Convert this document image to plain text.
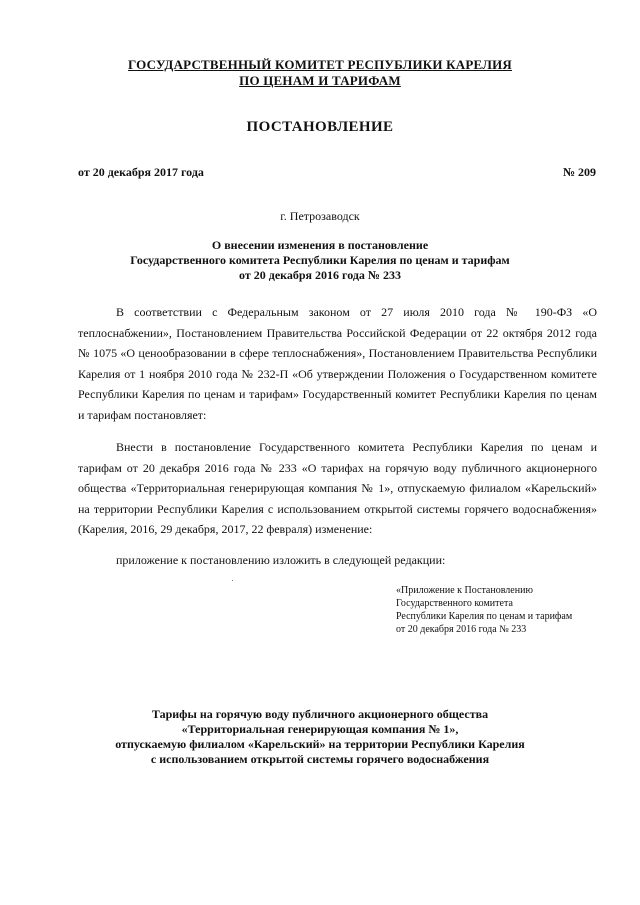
ГОСУДАРСТВЕННЫЙ КОМИТЕТ РЕСПУБЛИКИ КАРЕЛИЯ
ПО ЦЕНАМ И ТАРИФАМ
ПОСТАНОВЛЕНИЕ
от 20 декабря 2017 года	№ 209
г. Петрозаводск
О внесении изменения в постановление
Государственного комитета Республики Карелия по ценам и тарифам
от 20 декабря 2016 года № 233
В соответствии с Федеральным законом от 27 июля 2010 года № 190-ФЗ «О теплоснабжении», Постановлением Правительства Российской Федерации от 22 октября 2012 года № 1075 «О ценообразовании в сфере теплоснабжения», Постановлением Правительства Республики Карелия от 1 ноября 2010 года № 232-П «Об утверждении Положения о Государственном комитете Республики Карелия по ценам и тарифам» Государственный комитет Республики Карелия по ценам и тарифам постановляет:
Внести в постановление Государственного комитета Республики Карелия по ценам и тарифам от 20 декабря 2016 года № 233 «О тарифах на горячую воду публичного акционерного общества «Территориальная генерирующая компания № 1», отпускаемую филиалом «Карельский» на территории Республики Карелия с использованием открытой системы горячего водоснабжения» (Карелия, 2016, 29 декабря, 2017, 22 февраля) изменение:
приложение к постановлению изложить в следующей редакции:
«Приложение к Постановлению
Государственного комитета
Республики Карелия по ценам и тарифам
от 20 декабря 2016 года № 233
Тарифы на горячую воду публичного акционерного общества
«Территориальная генерирующая компания № 1»,
отпускаемую филиалом «Карельский» на территории Республики Карелия
с использованием открытой системы горячего водоснабжения
